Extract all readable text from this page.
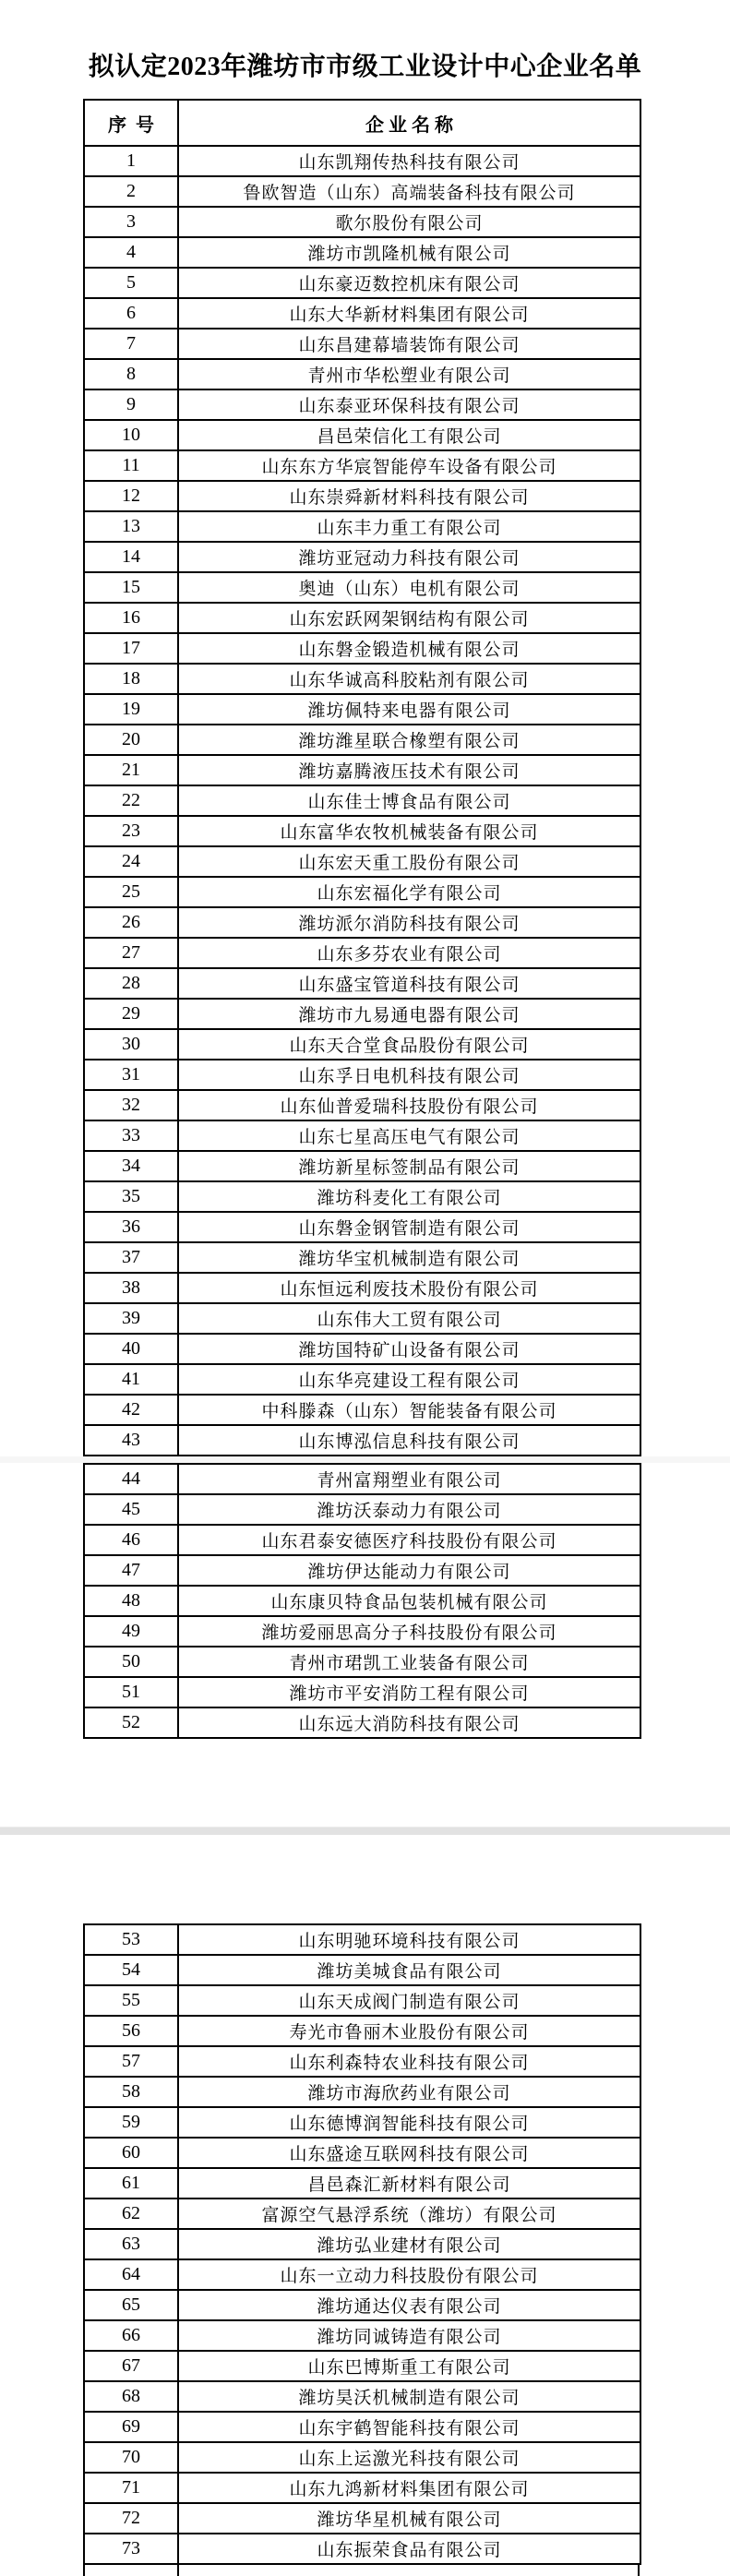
拟认定2023年潍坊市市级工业设计中心企业名单
序  号	企 业 名 称
1	山东凯翔传热科技有限公司
2	鲁欧智造（山东）高端装备科技有限公司
3	歌尔股份有限公司
4	潍坊市凯隆机械有限公司
5	山东豪迈数控机床有限公司
6	山东大华新材料集团有限公司
7	山东昌建幕墙装饰有限公司
8	青州市华松塑业有限公司
9	山东泰亚环保科技有限公司
10	昌邑荣信化工有限公司
11	山东东方华宸智能停车设备有限公司
12	山东崇舜新材料科技有限公司
13	山东丰力重工有限公司
14	潍坊亚冠动力科技有限公司
15	奥迪（山东）电机有限公司
16	山东宏跃网架钢结构有限公司
17	山东磐金锻造机械有限公司
18	山东华诚高科胶粘剂有限公司
19	潍坊佩特来电器有限公司
20	潍坊潍星联合橡塑有限公司
21	潍坊嘉腾液压技术有限公司
22	山东佳士博食品有限公司
23	山东富华农牧机械装备有限公司
24	山东宏天重工股份有限公司
25	山东宏福化学有限公司
26	潍坊派尔消防科技有限公司
27	山东多芬农业有限公司
28	山东盛宝管道科技有限公司
29	潍坊市九易通电器有限公司
30	山东天合堂食品股份有限公司
31	山东孚日电机科技有限公司
32	山东仙普爱瑞科技股份有限公司
33	山东七星高压电气有限公司
34	潍坊新星标签制品有限公司
35	潍坊科麦化工有限公司
36	山东磐金钢管制造有限公司
37	潍坊华宝机械制造有限公司
38	山东恒远利废技术股份有限公司
39	山东伟大工贸有限公司
40	潍坊国特矿山设备有限公司
41	山东华亮建设工程有限公司
42	中科滕森（山东）智能装备有限公司
43	山东博泓信息科技有限公司
44	青州富翔塑业有限公司
45	潍坊沃泰动力有限公司
46	山东君泰安德医疗科技股份有限公司
47	潍坊伊达能动力有限公司
48	山东康贝特食品包装机械有限公司
49	潍坊爱丽思高分子科技股份有限公司
50	青州市珺凯工业装备有限公司
51	潍坊市平安消防工程有限公司
52	山东远大消防科技有限公司
53	山东明驰环境科技有限公司
54	潍坊美城食品有限公司
55	山东天成阀门制造有限公司
56	寿光市鲁丽木业股份有限公司
57	山东利森特农业科技有限公司
58	潍坊市海欣药业有限公司
59	山东德博润智能科技有限公司
60	山东盛途互联网科技有限公司
61	昌邑森汇新材料有限公司
62	富源空气悬浮系统（潍坊）有限公司
63	潍坊弘业建材有限公司
64	山东一立动力科技股份有限公司
65	潍坊通达仪表有限公司
66	潍坊同诚铸造有限公司
67	山东巴博斯重工有限公司
68	潍坊昊沃机械制造有限公司
69	山东宇鹤智能科技有限公司
70	山东上运激光科技有限公司
71	山东九鸿新材料集团有限公司
72	潍坊华星机械有限公司
73	山东振荣食品有限公司
